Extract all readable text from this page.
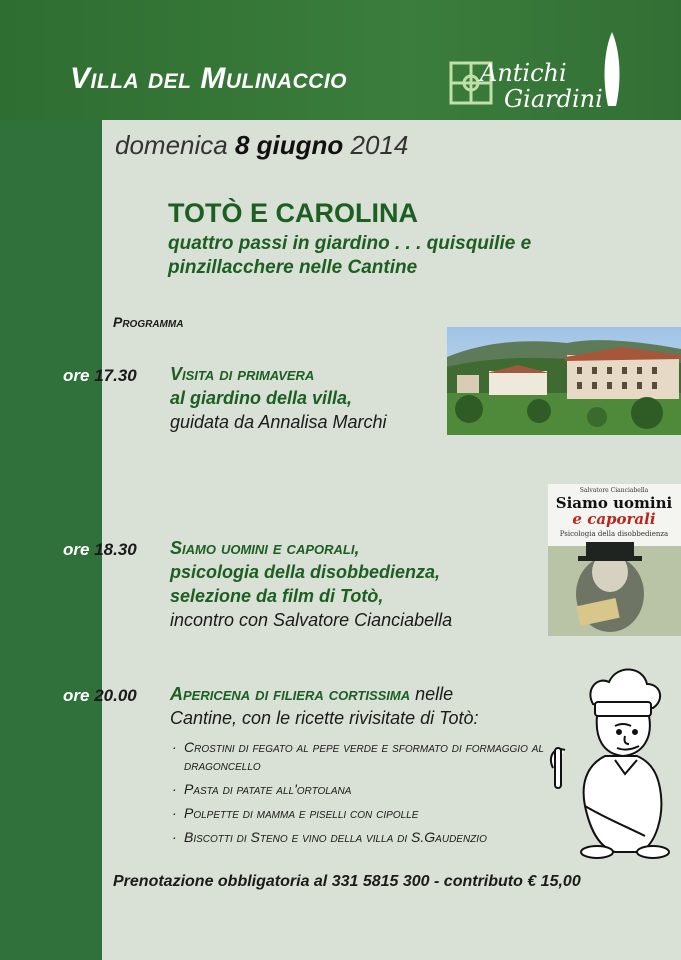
Villa del Mulinaccio	Antichi
Giardini
domenica 8 giugno 2014
TOTÒ E CAROLINA
quattro passi in giardino . . . quisquilie e pinzillacchere nelle Cantine
Programma
ore 17.30 Visita di primavera
al giardino della villa,
guidata da Annalisa Marchi
ore 18.30 Siamo uomini e caporali,
psicologia della disobbedienza,
selezione da film di Totò,
incontro con Salvatore Cianciabella
ore 20.00 Apericena di filiera cortissima nelle
Cantine, con le ricette rivisitate di Totò:
· Crostini di fegato al pepe verde e sformato di formaggio al dragoncello
· Pasta di patate all'ortolana
· Polpette di mamma e piselli con cipolle
· Biscotti di Steno e vino della villa di S.Gaudenzio
Prenotazione obbligatoria al 331 5815 300 - contributo € 15,00
Salvatore Cianciabella
Siamo uomini
e caporali
Psicologia della disobbedienza
